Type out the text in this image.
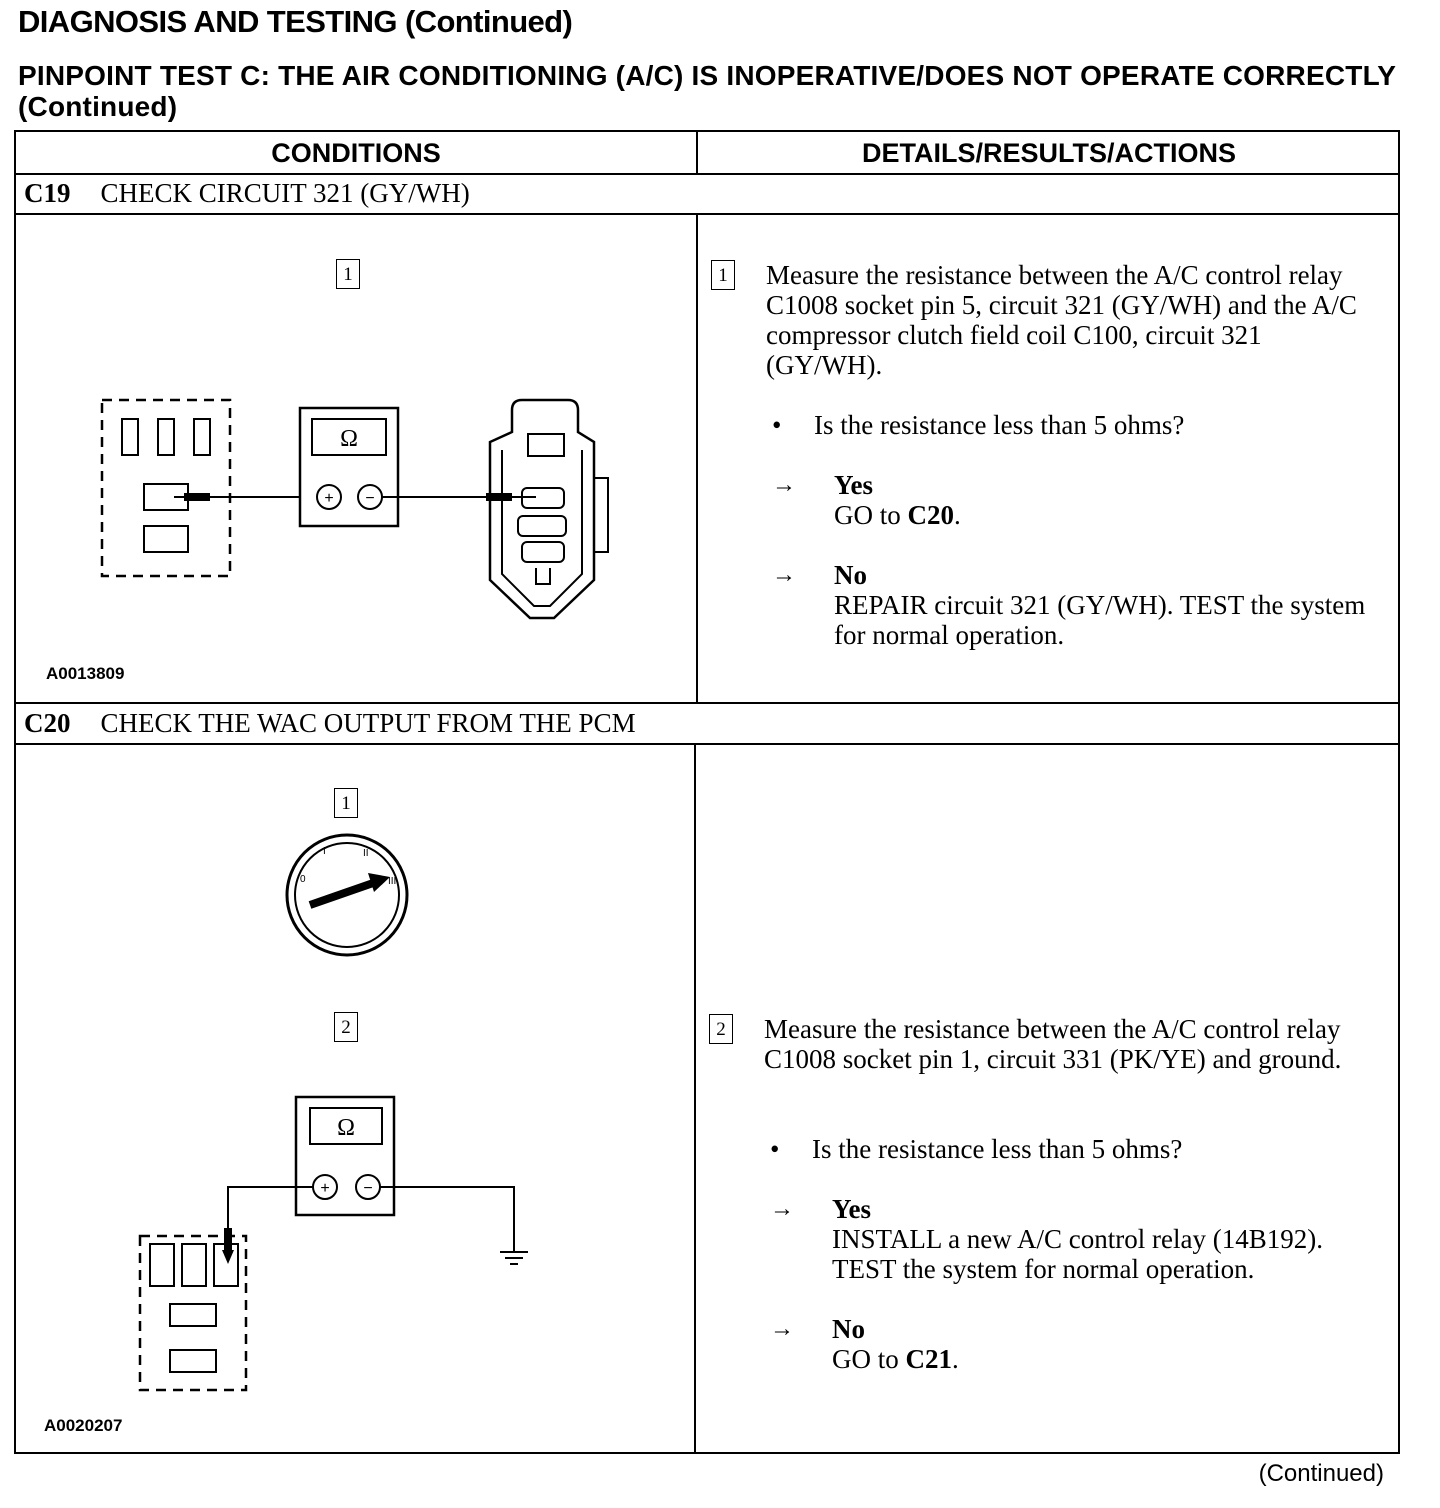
DIAGNOSIS AND TESTING (Continued)
PINPOINT TEST C: THE AIR CONDITIONING (A/C) IS INOPERATIVE/DOES NOT OPERATE CORRECTLY (Continued)
CONDITIONS	DETAILS/RESULTS/ACTIONS
C19 CHECK CIRCUIT 321 (GY/WH)
C20 CHECK THE WAC OUTPUT FROM THE PCM
1
Ω
+ −
A0013809
1 Measure the resistance between the A/C control relay C1008 socket pin 5, circuit 321 (GY/WH) and the A/C compressor clutch field coil C100, circuit 321 (GY/WH).
• Is the resistance less than 5 ohms?
→ Yes
GO to C20.
→ No
REPAIR circuit 321 (GY/WH). TEST the system for normal operation.
1
2
0
I	II
III
Ω
+ −
A0020207
2 Measure the resistance between the A/C control relay C1008 socket pin 1, circuit 331 (PK/YE) and ground.
• Is the resistance less than 5 ohms?
→ Yes
INSTALL a new A/C control relay (14B192). TEST the system for normal operation.
→ No
GO to C21.
(Continued)
